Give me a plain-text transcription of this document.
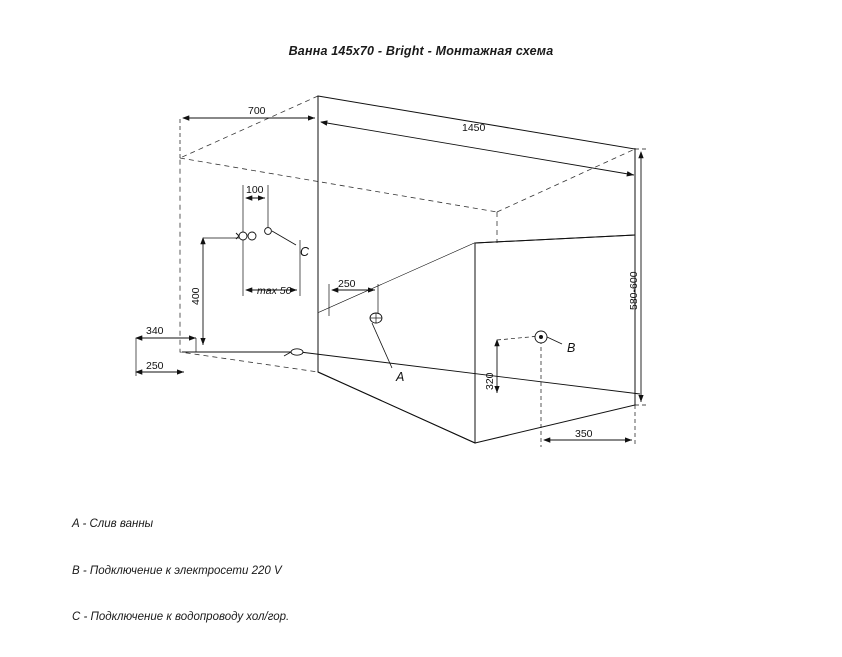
Ванна 145x70 - Bright - Монтажная схема
700
1450
100
max 50
250
400
340
250
580-600
320
350
C
A
B

A - Слив ванны

B - Подключение к электросети 220 V

C - Подключение к водопроводу хол/гор.
